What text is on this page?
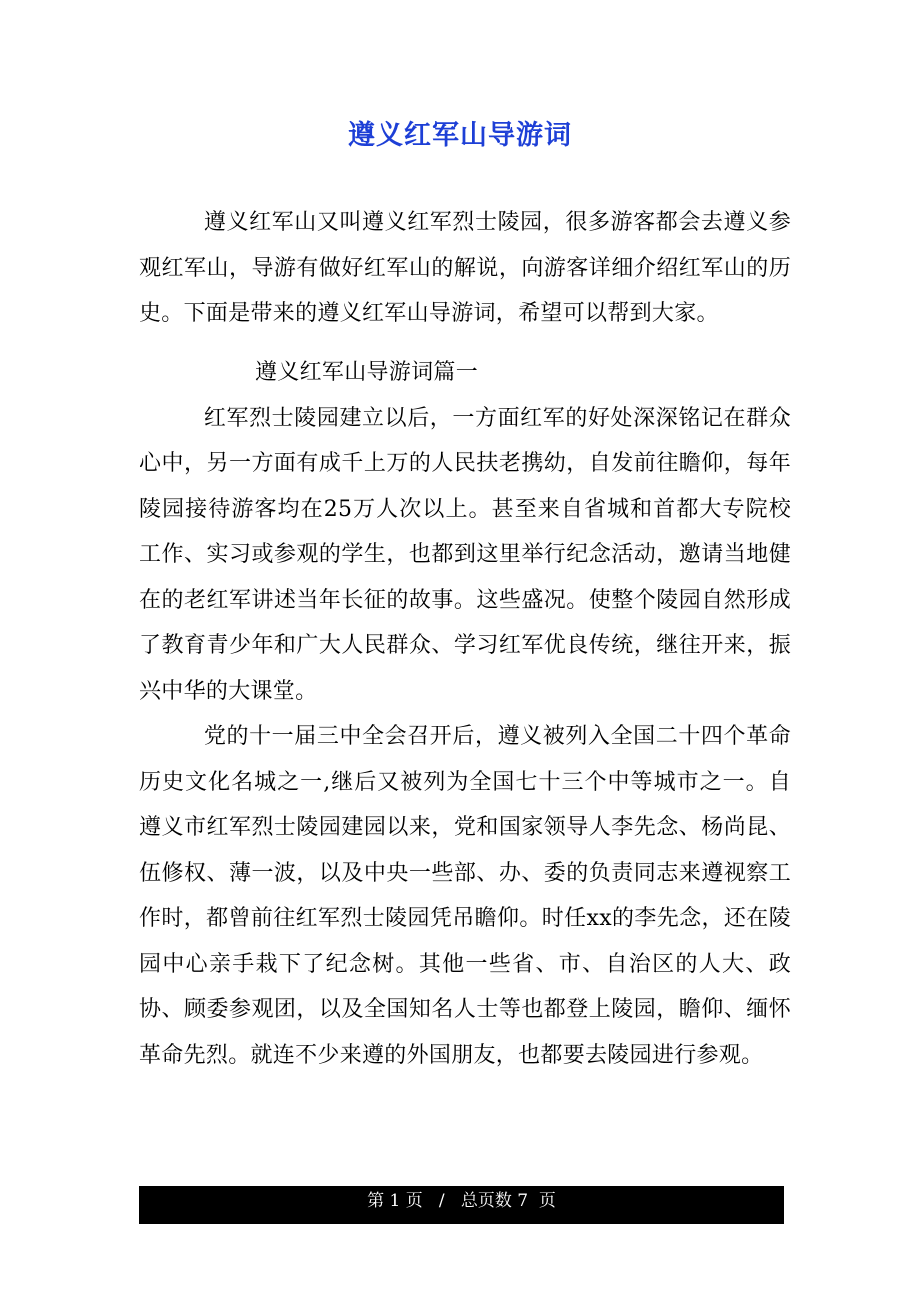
遵义红军山导游词

遵义红军山又叫遵义红军烈士陵园，很多游客都会去遵义参观红军山，导游有做好红军山的解说，向游客详细介绍红军山的历史。下面是带来的遵义红军山导游词，希望可以帮到大家。

遵义红军山导游词篇一

红军烈士陵园建立以后，一方面红军的好处深深铭记在群众心中，另一方面有成千上万的人民扶老携幼，自发前往瞻仰，每年陵园接待游客均在25万人次以上。甚至来自省城和首都大专院校工作、实习或参观的学生，也都到这里举行纪念活动，邀请当地健在的老红军讲述当年长征的故事。这些盛况。使整个陵园自然形成了教育青少年和广大人民群众、学习红军优良传统，继往开来，振兴中华的大课堂。

党的十一届三中全会召开后，遵义被列入全国二十四个革命历史文化名城之一,继后又被列为全国七十三个中等城市之一。自遵义市红军烈士陵园建园以来，党和国家领导人李先念、杨尚昆、伍修权、薄一波，以及中央一些部、办、委的负责同志来遵视察工作时，都曾前往红军烈士陵园凭吊瞻仰。时任xx的李先念，还在陵园中心亲手栽下了纪念树。其他一些省、市、自治区的人大、政协、顾委参观团，以及全国知名人士等也都登上陵园，瞻仰、缅怀革命先烈。就连不少来遵的外国朋友，也都要去陵园进行参观。

第 1 页   /   总页数 7  页
